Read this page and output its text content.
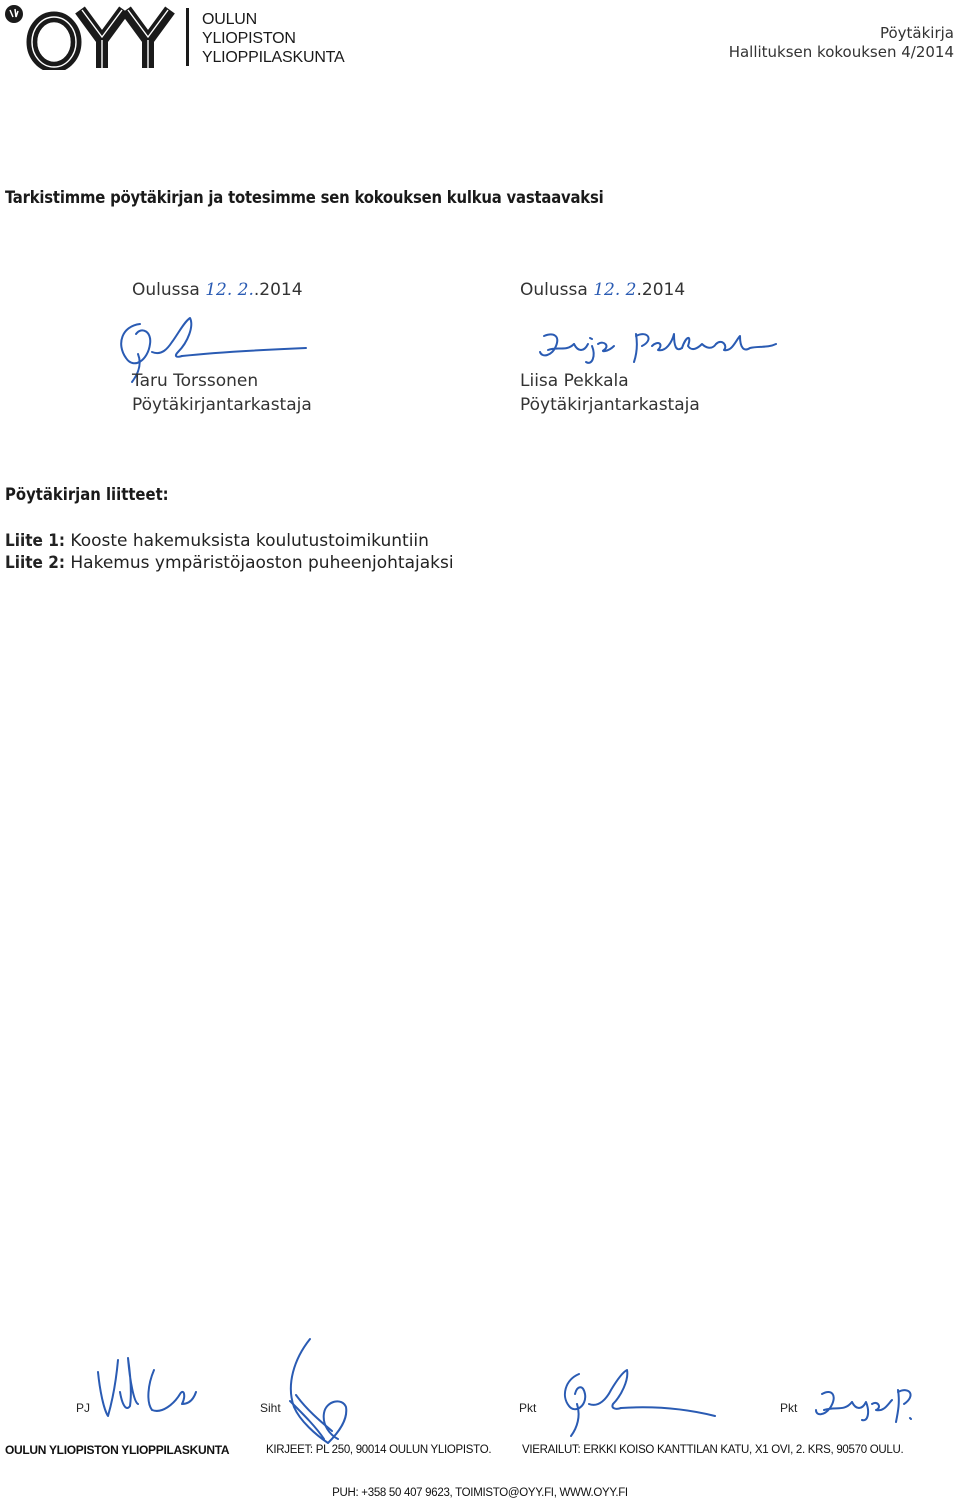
OULUN
YLIOPISTON
YLIOPPILASKUNTA
Pöytäkirja
Hallituksen kokouksen 4/2014
Tarkistimme pöytäkirjan ja totesimme sen kokouksen kulkua vastaavaksi
Oulussa 12. 2..2014	Oulussa 12. 2.2014
Taru Torssonen
Pöytäkirjantarkastaja
Liisa Pekkala
Pöytäkirjantarkastaja
Pöytäkirjan liitteet:
Liite 1: Kooste hakemuksista koulutustoimikuntiin
Liite 2: Hakemus ympäristöjaoston puheenjohtajaksi
PJ	Siht	Pkt	Pkt
OULUN YLIOPISTON YLIOPPILASKUNTA	KIRJEET: PL 250, 90014 OULUN YLIOPISTO.	VIERAILUT: ERKKI KOISO KANTTILAN KATU, X1 OVI, 2. KRS, 90570 OULU.
PUH: +358 50 407 9623, TOIMISTO@OYY.FI, WWW.OYY.FI
